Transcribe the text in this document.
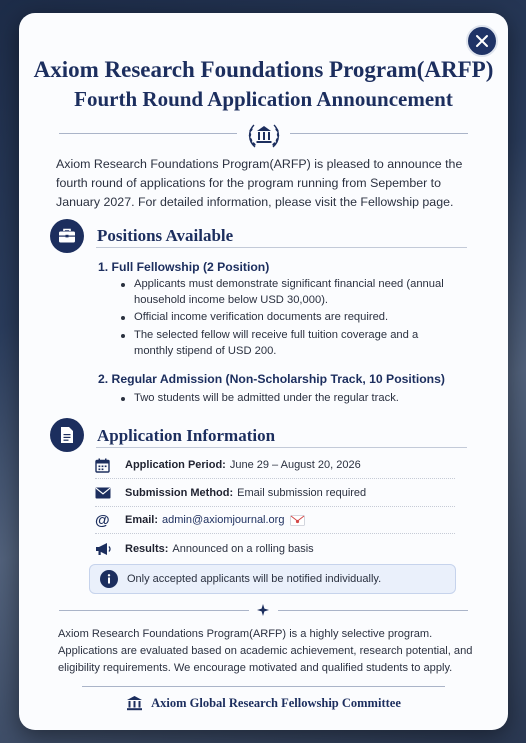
Axiom Research Foundations Program(ARFP)
Fourth Round Application Announcement
Axiom Research Foundations Program(ARFP) is pleased to announce the fourth round of applications for the program running from Sepember to January 2027. For detailed information, please visit the Fellowship page.
Positions Available
1. Full Fellowship (2 Position)
Applicants must demonstrate significant financial need (annual household income below USD 30,000).
Official income verification documents are required.
The selected fellow will receive full tuition coverage and a monthly stipend of USD 200.
2. Regular Admission (Non-Scholarship Track, 10 Positions)
Two students will be admitted under the regular track.
Application Information
Application Period: June 29 – August 20, 2026
Submission Method: Email submission required
@	Email: admin@axiomjournal.org
Results: Announced on a rolling basis
Only accepted applicants will be notified individually.
Axiom Research Foundations Program(ARFP) is a highly selective program. Applications are evaluated based on academic achievement, research potential, and eligibility requirements. We encourage motivated and qualified students to apply.
Axiom Global Research Fellowship Committee
